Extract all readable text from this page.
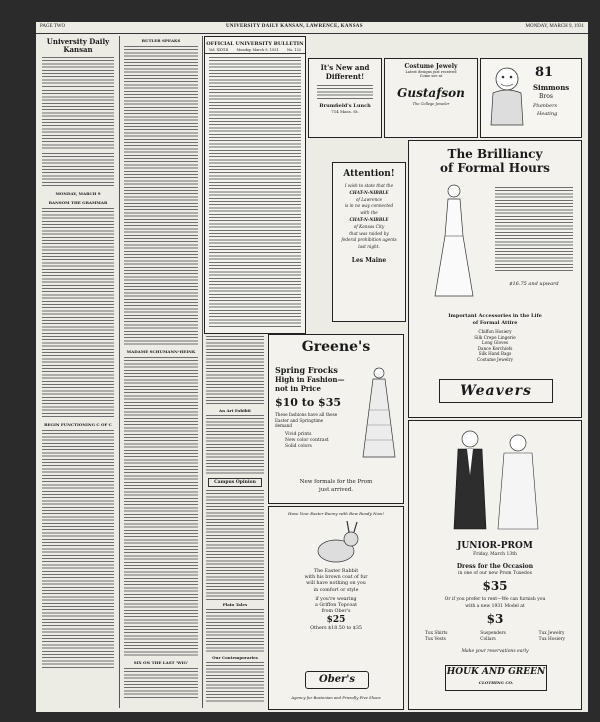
PAGE TWO	UNIVERSITY DAILY KANSAN, LAWRENCE, KANSAS	MONDAY, MARCH 9, 1931
University Daily Kansan
MONDAY, MARCH 9
RANSOM THE GRAMMAR
BEGIN FUNCTIONING C OF C
BUTLER SPEAKS
MADAME SCHUMANN-HEINK
SIX ON THE LAST 'WIG'
OFFICIAL UNIVERSITY BULLETIN
Vol. XXVIII Monday, March 9, 1931 No. 132
It's New and
Different!
Brumfield's Lunch
714 Mass. St.
Attention!
I wish to state that the
CHAT-N-NIBBLE
of Lawrence
is in no way connected
with the
CHAT-N-NIBBLE
of Kansas City
that was raided by
federal prohibition agents
last night.
Les Maine
Costume Jewely
Latest designs just received
Come see at
Gustafson
The College Jeweler
81
Simmons
Bros
Plumbers
Heating
The Brilliancy
of Formal Hours
$16.75 and upward
Important Accessories in the Life
of Formal Attire
Chiffon Hosiery
Silk Crepe Lingerie
Long Gloves
Dance Kerchiefs
Silk Hand Bags
Costume Jewelry
Weavers
Greene's
Spring Frocks
High in Fashion—
not in Price
$10 to $35
These fashions have all these
Easter and Springtime
demand
Vivid prints
New color contrast
Solid colors
New formals for the Prom
just arrived.
An Art Exhibit
Campus Opinion
Plain Tales
Our Contemporaries
Have Your Easter Bunny with Bow Ready Now!
The Easter Rabbit
with his brown coat of fur
will have nothing on you
in comfort or style
if you're wearing
a Griffon Topcoat
from Ober's
$25
Others $18.50 to $35
Ober's
Agency for Bostonian and Friendly Five Shoes
JUNIOR-PROM
Friday, March 13th
Dress for the Occasion
in one of our new Prom Tuxedos
$35
Or if you prefer to rent—We can furnish you
with a new 1931 Model at
$3
Tux Shirts
Tux Vests
Suspenders
Collars
Tux Jewelry
Tux Hosiery
Make your reservations early
HOUK AND GREEN
CLOTHING CO.
